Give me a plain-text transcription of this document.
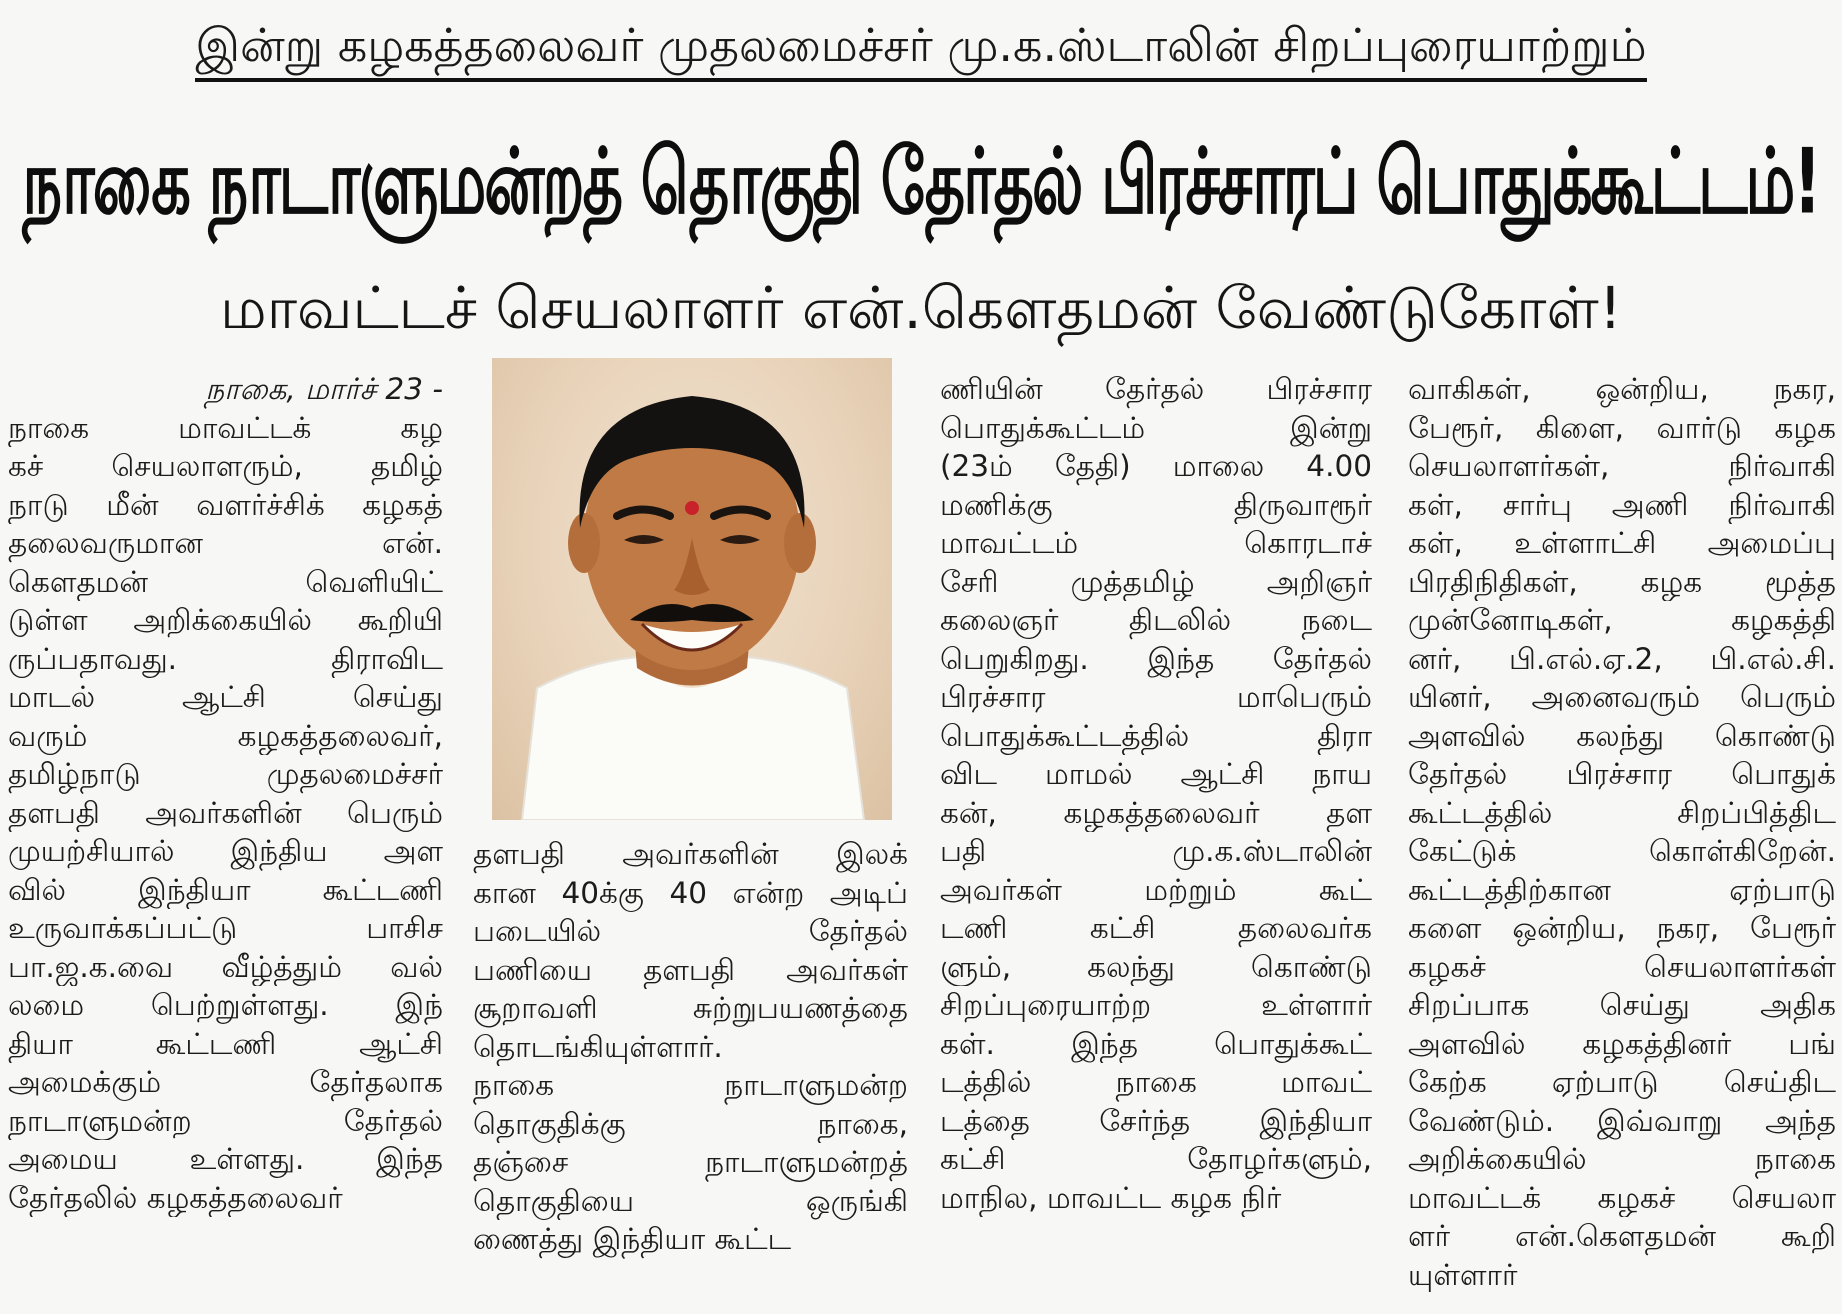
இன்று கழகத்தலைவர் முதலமைச்சர் மு.க.ஸ்டாலின் சிறப்புரையாற்றும்
நாகை நாடாளுமன்றத் தொகுதி தேர்தல் பிரச்சாரப் பொதுக்கூட்டம்!
மாவட்டச் செயலாளர் என்.கௌதமன் வேண்டுகோள்!
நாகை, மார்ச் 23 -
நாகை மாவட்டக் கழ
கச் செயலாளரும், தமிழ்
நாடு மீன் வளர்ச்சிக் கழகத்
தலைவருமான என்.
கௌதமன் வெளியிட்
டுள்ள அறிக்கையில் கூறியி
ருப்பதாவது. திராவிட
மாடல் ஆட்சி செய்து
வரும் கழகத்தலைவர்,
தமிழ்நாடு முதலமைச்சர்
தளபதி அவர்களின் பெரும்
முயற்சியால் இந்திய அள
வில் இந்தியா கூட்டணி
உருவாக்கப்பட்டு பாசிச
பா.ஜ.க.வை வீழ்த்தும் வல்
லமை பெற்றுள்ளது. இந்
தியா கூட்டணி ஆட்சி
அமைக்கும் தேர்தலாக
நாடாளுமன்ற தேர்தல்
அமைய உள்ளது. இந்த
தேர்தலில் கழகத்தலைவர்
தளபதி அவர்களின் இலக்
கான 40க்கு 40 என்ற அடிப்
படையில் தேர்தல்
பணியை தளபதி அவர்கள்
சூறாவளி சுற்றுபயணத்தை
தொடங்கியுள்ளார்.
நாகை நாடாளுமன்ற
தொகுதிக்கு நாகை,
தஞ்சை நாடாளுமன்றத்
தொகுதியை ஒருங்கி
ணைத்து இந்தியா கூட்ட
ணியின் தேர்தல் பிரச்சார
பொதுக்கூட்டம் இன்று
(23ம் தேதி) மாலை 4.00
மணிக்கு திருவாரூர்
மாவட்டம் கொரடாச்
சேரி முத்தமிழ் அறிஞர்
கலைஞர் திடலில் நடை
பெறுகிறது. இந்த தேர்தல்
பிரச்சார மாபெரும்
பொதுக்கூட்டத்தில் திரா
விட மாமல் ஆட்சி நாய
கன், கழகத்தலைவர் தள
பதி மு.க.ஸ்டாலின்
அவர்கள் மற்றும் கூட்
டணி கட்சி தலைவர்க
ளும், கலந்து கொண்டு
சிறப்புரையாற்ற உள்ளார்
கள். இந்த பொதுக்கூட்
டத்தில் நாகை மாவட்
டத்தை சேர்ந்த இந்தியா
கட்சி தோழர்களும்,
மாநில, மாவட்ட கழக நிர்
வாகிகள், ஒன்றிய, நகர,
பேரூர், கிளை, வார்டு கழக
செயலாளர்கள், நிர்வாகி
கள், சார்பு அணி நிர்வாகி
கள், உள்ளாட்சி அமைப்பு
பிரதிநிதிகள், கழக மூத்த
முன்னோடிகள், கழகத்தி
னர், பி.எல்.ஏ.2, பி.எல்.சி.
யினர், அனைவரும் பெரும்
அளவில் கலந்து கொண்டு
தேர்தல் பிரச்சார பொதுக்
கூட்டத்தில் சிறப்பித்திட
கேட்டுக் கொள்கிறேன்.
கூட்டத்திற்கான ஏற்பாடு
களை ஒன்றிய, நகர, பேரூர்
கழகச் செயலாளர்கள்
சிறப்பாக செய்து அதிக
அளவில் கழகத்தினர் பங்
கேற்க ஏற்பாடு செய்திட
வேண்டும். இவ்வாறு அந்த
அறிக்கையில் நாகை
மாவட்டக் கழகச் செயலா
ளர் என்.கௌதமன் கூறி
யுள்ளார்
